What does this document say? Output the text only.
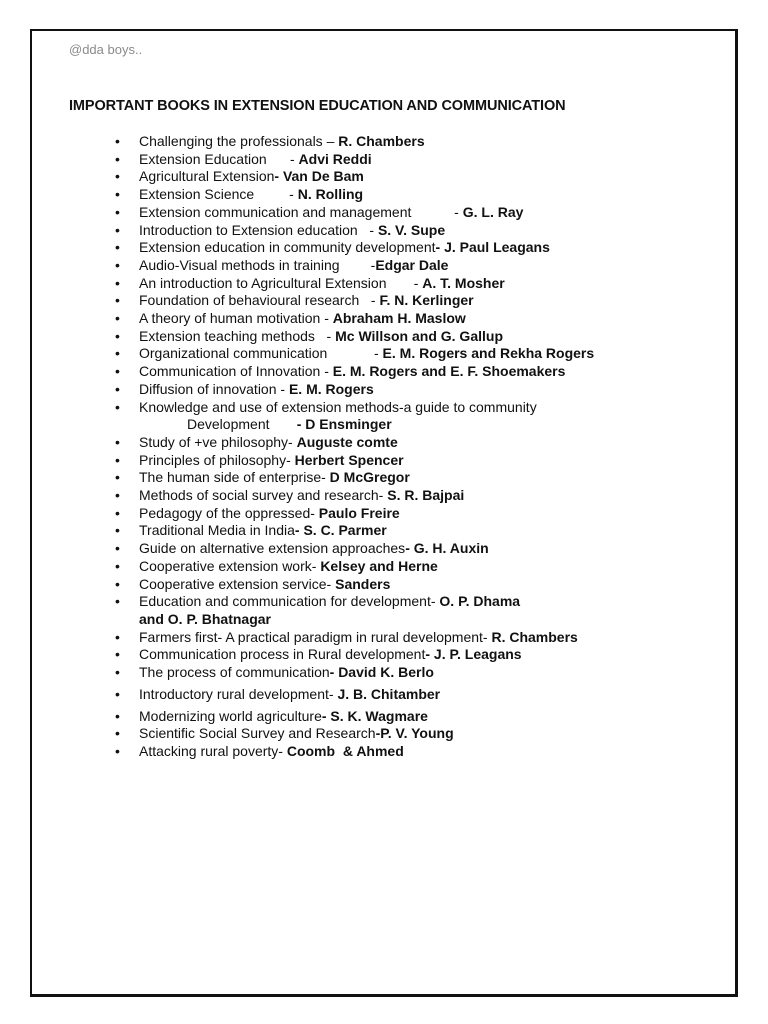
@dda boys..
IMPORTANT BOOKS IN EXTENSION EDUCATION AND COMMUNICATION
• Challenging the professionals – R. Chambers
• Extension Education      - Advi Reddi
• Agricultural Extension- Van De Bam
• Extension Science         - N. Rolling
• Extension communication and management           - G. L. Ray
• Introduction to Extension education   - S. V. Supe
• Extension education in community development- J. Paul Leagans
• Audio-Visual methods in training        -Edgar Dale
• An introduction to Agricultural Extension       - A. T. Mosher
• Foundation of behavioural research   - F. N. Kerlinger
• A theory of human motivation - Abraham H. Maslow
• Extension teaching methods   - Mc Willson and G. Gallup
• Organizational communication            - E. M. Rogers and Rekha Rogers
• Communication of Innovation - E. M. Rogers and E. F. Shoemakers
• Diffusion of innovation - E. M. Rogers
• Knowledge and use of extension methods-a guide to community
Development - D Ensminger
• Study of +ve philosophy- Auguste comte
• Principles of philosophy- Herbert Spencer
• The human side of enterprise- D McGregor
• Methods of social survey and research- S. R. Bajpai
• Pedagogy of the oppressed- Paulo Freire
• Traditional Media in India- S. C. Parmer
• Guide on alternative extension approaches- G. H. Auxin
• Cooperative extension work- Kelsey and Herne
• Cooperative extension service- Sanders
• Education and communication for development- O. P. Dhama
and O. P. Bhatnagar
• Farmers first- A practical paradigm in rural development- R. Chambers
• Communication process in Rural development- J. P. Leagans
• The process of communication- David K. Berlo
• Introductory rural development- J. B. Chitamber
• Modernizing world agriculture- S. K. Wagmare
• Scientific Social Survey and Research-P. V. Young
• Attacking rural poverty- Coomb  & Ahmed
